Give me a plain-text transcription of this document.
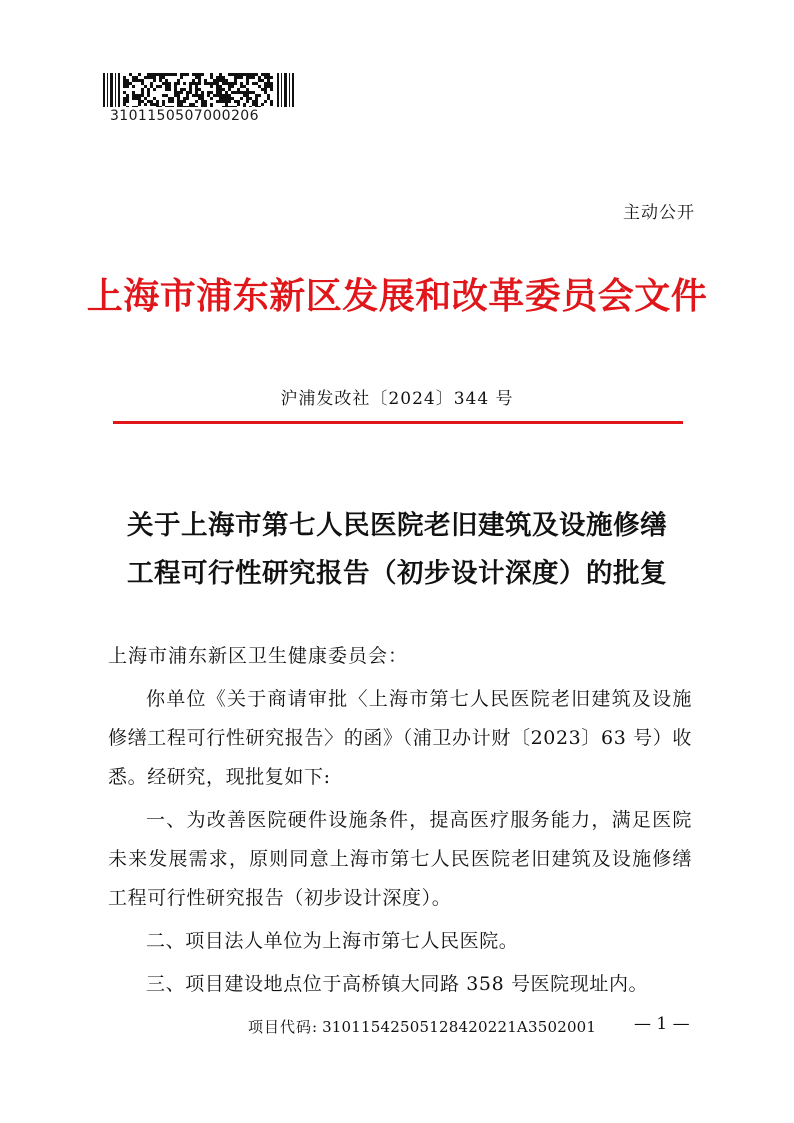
3101150507000206
主动公开
上海市浦东新区发展和改革委员会文件
沪浦发改社〔2024〕344 号
关于上海市第七人民医院老旧建筑及设施修缮
工程可行性研究报告（初步设计深度）的批复
上海市浦东新区卫生健康委员会：

你单位《关于商请审批〈上海市第七人民医院老旧建筑及设施修缮工程可行性研究报告〉的函》（浦卫办计财〔2023〕63 号）收悉。经研究，现批复如下:

一、为改善医院硬件设施条件，提高医疗服务能力，满足医院未来发展需求，原则同意上海市第七人民医院老旧建筑及设施修缮工程可行性研究报告（初步设计深度）。

二、项目法人单位为上海市第七人民医院。

三、项目建设地点位于高桥镇大同路 358 号医院现址内。

项目代码: 31011542505128420221A3502001 — 1 —
